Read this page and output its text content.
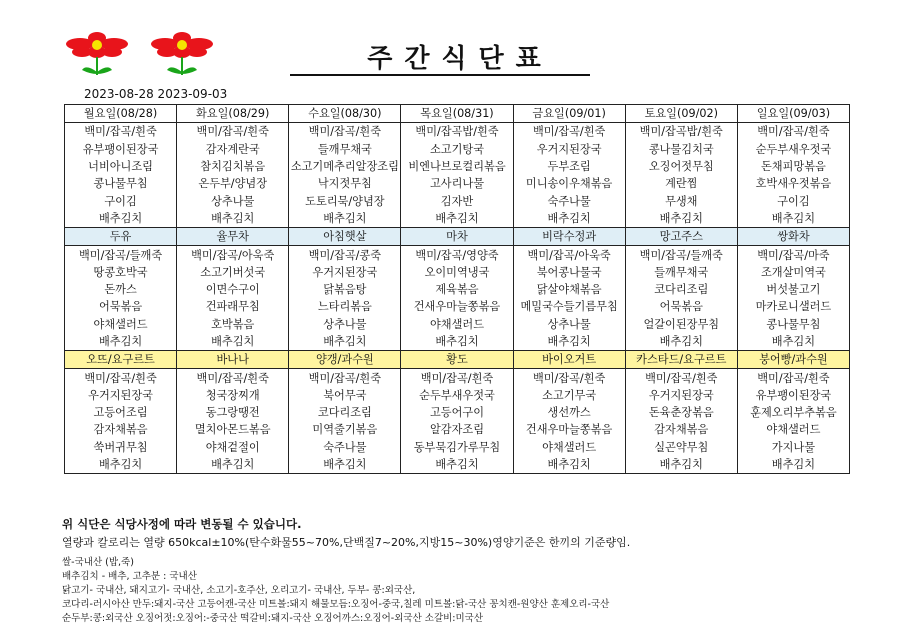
주간식단표
2023-08-28 2023-09-03
월요일(08/28)	화요일(08/29)	수요일(08/30)	목요일(08/31)	금요일(09/01)	토요일(09/02)	일요일(09/03)
백미/잡곡/흰죽	백미/잡곡/흰죽	백미/잡곡/흰죽	백미/잡곡밥/흰죽	백미/잡곡/흰죽	백미/잡곡밥/흰죽	백미/잡곡/흰죽
유부팽이된장국	감자계란국	들깨무채국	소고기탕국	우거지된장국	콩나물김치국	순두부새우젓국
너비아니조림	참치김치볶음	소고기메추리알장조림	비엔나브로컬리볶음	두부조림	오징어젓무침	돈채피망볶음
콩나물무침	온두부/양념장	낙지젓무침	고사리나물	미니송이우채볶음	계란찜	호박새우젓볶음
구이김	상추나물	도토리묵/양념장	김자반	숙주나물	무생채	구이김
배추김치	배추김치	배추김치	배추김치	배추김치	배추김치	배추김치
두유	율무차	아침햇살	마차	비락수정과	망고주스	쌍화차
백미/잡곡/들깨죽	백미/잡곡/아욱죽	백미/잡곡/콩죽	백미/잡곡/영양죽	백미/잡곡/아욱죽	백미/잡곡/들깨죽	백미/잡곡/마죽
땅콩호박국	소고기버섯국	우거지된장국	오이미역냉국	북어콩나물국	들깨무채국	조개살미역국
돈까스	이면수구이	닭볶음탕	제육볶음	닭살야채볶음	코다리조림	버섯불고기
어묵볶음	건파래무침	느타리볶음	건새우마늘쫑볶음	메밀국수들기름무침	어묵볶음	마카로니샐러드
야채샐러드	호박볶음	상추나물	야채샐러드	상추나물	얼갈이된장무침	콩나물무침
배추김치	배추김치	배추김치	배추김치	배추김치	배추김치	배추김치
오뜨/요구르트	바나나	양갱/과수원	황도	바이오거트	카스타드/요구르트	붕어빵/과수원
백미/잡곡/흰죽	백미/잡곡/흰죽	백미/잡곡/흰죽	백미/잡곡/흰죽	백미/잡곡/흰죽	백미/잡곡/흰죽	백미/잡곡/흰죽
우거지된장국	청국장찌개	북어무국	순두부새우젓국	소고기무국	우거지된장국	유부팽이된장국
고등어조림	동그랑땡전	코다리조림	고등어구이	생선까스	돈육춘장볶음	훈제오리부추볶음
감자채볶음	멸치아몬드볶음	미역줄기볶음	알감자조림	건새우마늘쫑볶음	감자채볶음	야채샐러드
쑥버귀무침	야채겉절이	숙주나물	동부묵김가루무침	야채샐러드	실곤약무침	가지나물
배추김치	배추김치	배추김치	배추김치	배추김치	배추김치	배추김치

위 식단은 식당사정에 따라 변동될 수 있습니다.

열량과 칼로리는 열량 650kcal±10%(탄수화물55~70%,단백질7~20%,지방15~30%)영양기준은 한끼의 기준량임.

쌀-국내산 (밥,죽)

배추김치 - 배추, 고추분 : 국내산

닭고기- 국내산, 돼지고기- 국내산, 소고기-호주산, 오리고기- 국내산, 두부- 콩:외국산,

코다리-러시아산 만두:돼지-국산 고등어캔-국산 미트볼:돼지 해물모듬:오징어-중국,칠레 미트볼:닭-국산 꽁치캔-원양산 훈제오리-국산

순두부:콩:외국산 오징어젓:오징어:-중국산 떡갈비:돼지-국산 오징어까스:오징어-외국산 소갈비:미국산
